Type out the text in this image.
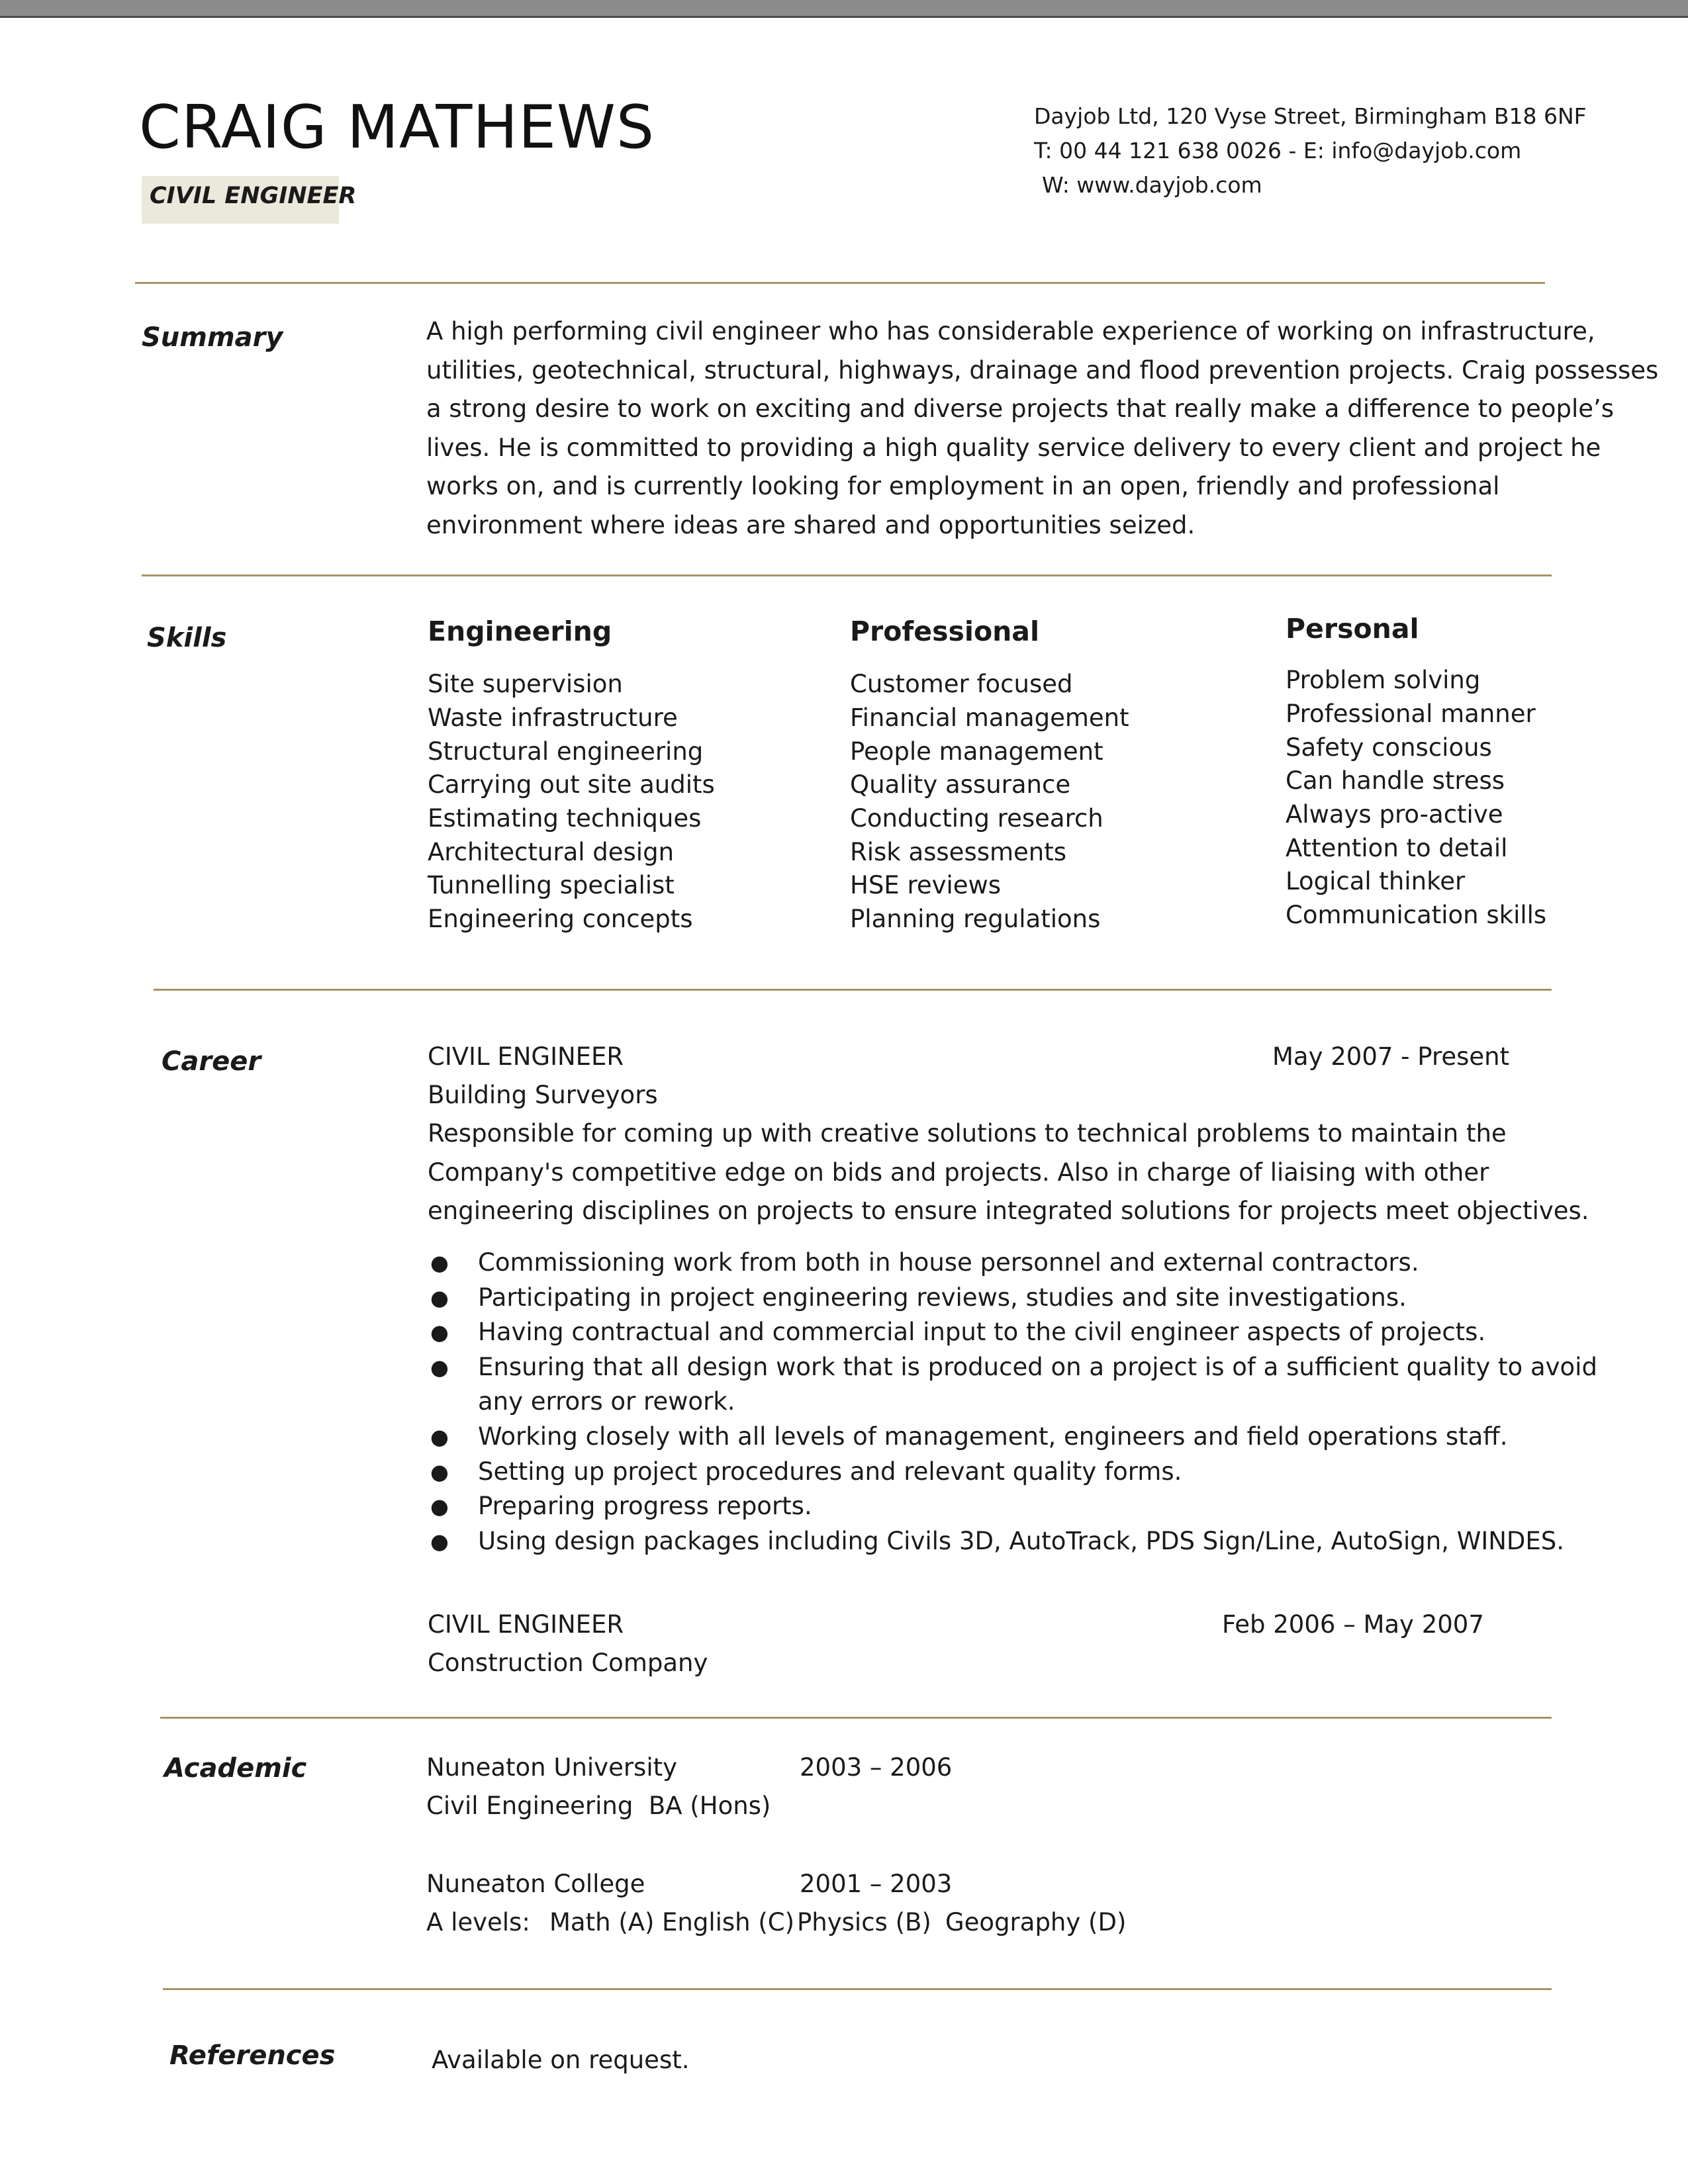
CRAIG MATHEWS
CIVIL ENGINEER
Dayjob Ltd, 120 Vyse Street, Birmingham B18 6NF
T: 00 44 121 638 0026 - E: info@dayjob.com
W: www.dayjob.com
Summary	A high performing civil engineer who has considerable experience of working on infrastructure,
utilities, geotechnical, structural, highways, drainage and flood prevention projects. Craig possesses
a strong desire to work on exciting and diverse projects that really make a difference to people’s
lives. He is committed to providing a high quality service delivery to every client and project he
works on, and is currently looking for employment in an open, friendly and professional
environment where ideas are shared and opportunities seized.
Skills	Engineering
Site supervision
Waste infrastructure
Structural engineering
Carrying out site audits
Estimating techniques
Architectural design
Tunnelling specialist
Engineering concepts
Professional
Customer focused
Financial management
People management
Quality assurance
Conducting research
Risk assessments
HSE reviews
Planning regulations
Personal
Problem solving
Professional manner
Safety conscious
Can handle stress
Always pro-active
Attention to detail
Logical thinker
Communication skills
Career	CIVIL ENGINEER	May 2007 - Present
Building Surveyors
Responsible for coming up with creative solutions to technical problems to maintain the
Company's competitive edge on bids and projects. Also in charge of liaising with other
engineering disciplines on projects to ensure integrated solutions for projects meet objectives.
● Commissioning work from both in house personnel and external contractors.
● Participating in project engineering reviews, studies and site investigations.
● Having contractual and commercial input to the civil engineer aspects of projects.
● Ensuring that all design work that is produced on a project is of a sufficient quality to avoid
any errors or rework.
● Working closely with all levels of management, engineers and field operations staff.
● Setting up project procedures and relevant quality forms.
● Preparing progress reports.
● Using design packages including Civils 3D, AutoTrack, PDS Sign/Line, AutoSign, WINDES.

CIVIL ENGINEER	Feb 2006 – May 2007
Construction Company
Academic	Nuneaton University	2003 – 2006
Civil Engineering  BA (Hons)
Nuneaton College	2001 – 2003
A levels: Math (A) English (C) Physics (B) Geography (D)
References	Available on request.
